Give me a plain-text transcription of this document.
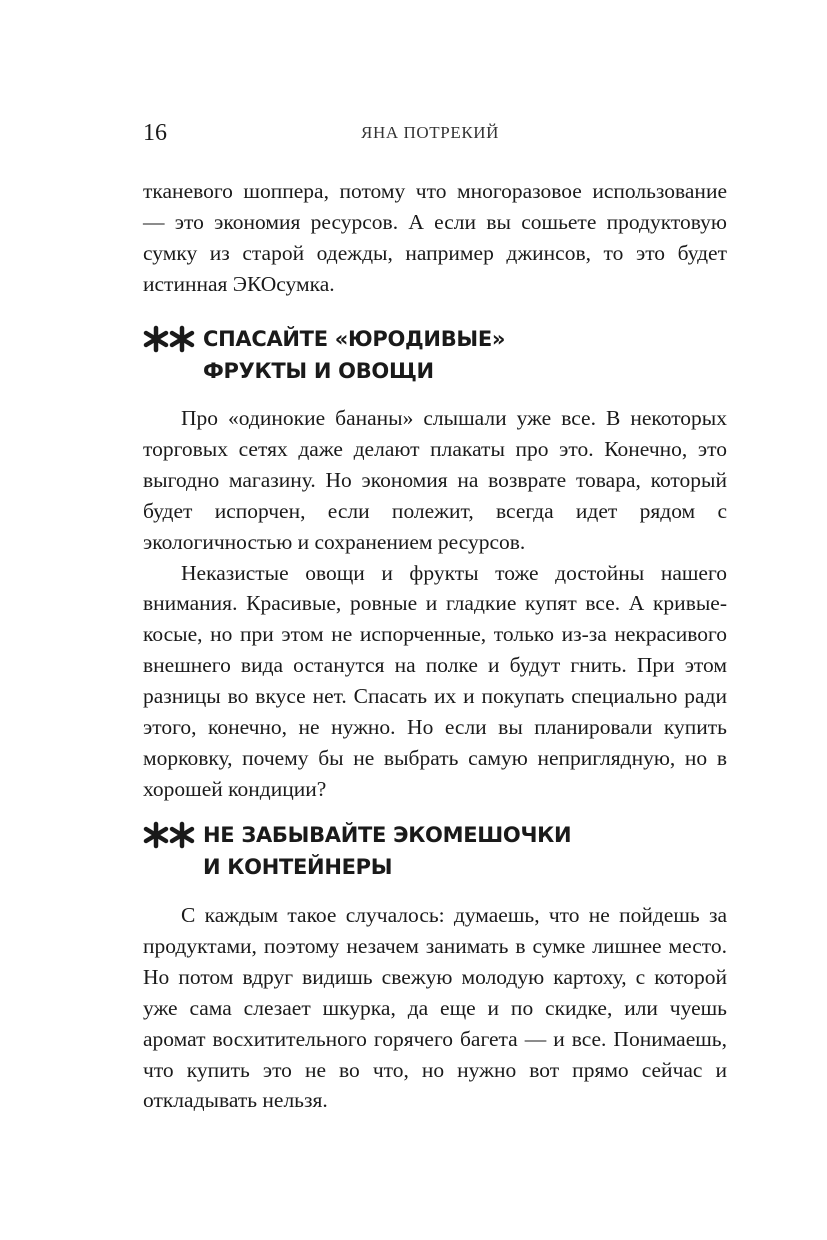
16	ЯНА ПОТРЕКИЙ

тканевого шоппера, потому что многоразовое использование — это экономия ресурсов. А если вы сошьете продуктовую сумку из старой одежды, например джинсов, то это будет истинная ЭКОсумка.

СПАСАЙТЕ «ЮРОДИВЫЕ»
ФРУКТЫ И ОВОЩИ

Про «одинокие бананы» слышали уже все. В некоторых торговых сетях даже делают плакаты про это. Конечно, это выгодно магазину. Но экономия на возврате товара, который будет испорчен, если полежит, всегда идет рядом с экологичностью и сохранением ресурсов.

Неказистые овощи и фрукты тоже достойны нашего внимания. Красивые, ровные и гладкие купят все. А кривые-косые, но при этом не испорченные, только из-за некрасивого внешнего вида останутся на полке и будут гнить. При этом разницы во вкусе нет. Спасать их и покупать специально ради этого, конечно, не нужно. Но если вы планировали купить морковку, почему бы не выбрать самую неприглядную, но в хорошей кондиции?

НЕ ЗАБЫВАЙТЕ ЭКОМЕШОЧКИ
И КОНТЕЙНЕРЫ

С каждым такое случалось: думаешь, что не пойдешь за продуктами, поэтому незачем занимать в сумке лишнее место. Но потом вдруг видишь свежую молодую картоху, с которой уже сама слезает шкурка, да еще и по скидке, или чуешь аромат восхитительного горячего багета — и все. Понимаешь, что купить это не во что, но нужно вот прямо сейчас и откладывать нельзя.
